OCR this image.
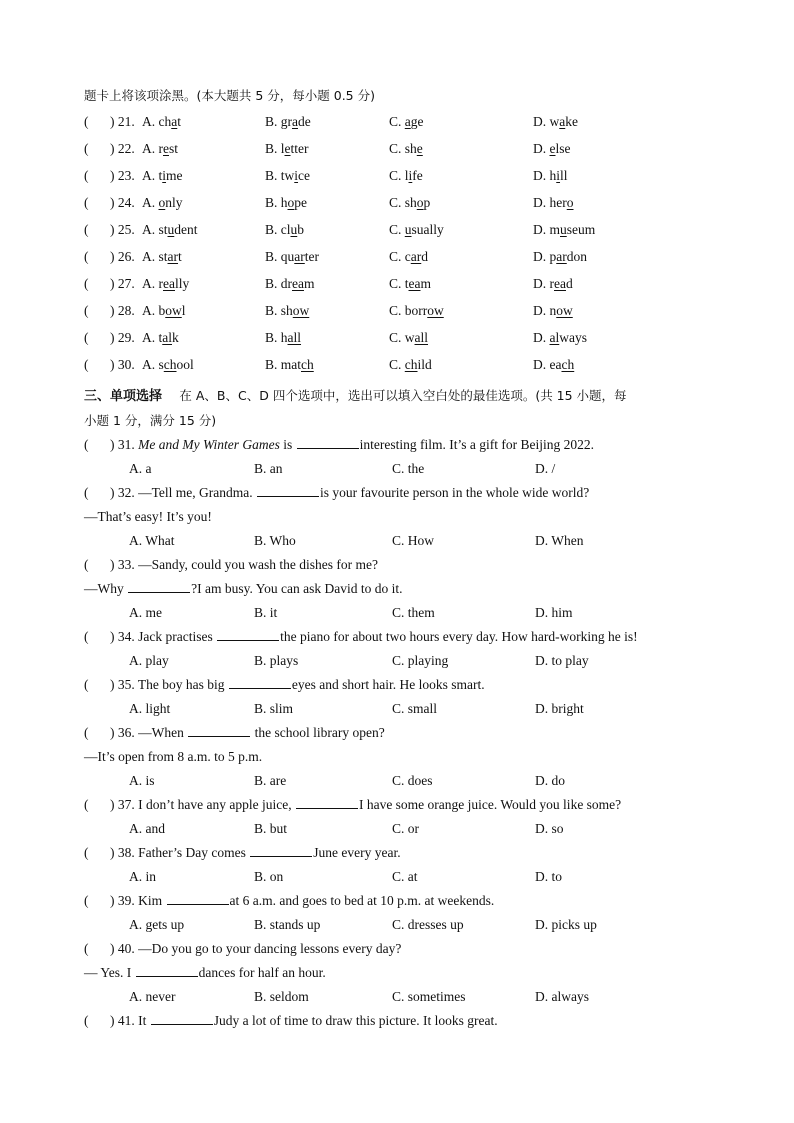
题卡上将该项涂黑。(本大题共 5 分，每小题 0.5 分)
( ) 21. A. chat	B. grade	C. age	D. wake
( ) 22. A. rest	B. letter	C. she	D. else
( ) 23. A. time	B. twice	C. life	D. hill
( ) 24. A. only	B. hope	C. shop	D. hero
( ) 25. A. student	B. club	C. usually	D. museum
( ) 26. A. start	B. quarter	C. card	D. pardon
( ) 27. A. really	B. dream	C. team	D. read
( ) 28. A. bowl	B. show	C. borrow	D. now
( ) 29. A. talk	B. hall	C. wall	D. always
( ) 30. A. school	B. match	C. child	D. each
三、单项选择 在 A、B、C、D 四个选项中，选出可以填入空白处的最佳选项。(共 15 小题，每
小题 1 分，满分 15 分)
( ) 31. Me and My Winter Games is	interesting film. It’s a gift for Beijing 2022.
A. a	B. an	C. the	D. /
( ) 32. —Tell me, Grandma.	is your favourite person in the whole wide world?
—That’s easy! It’s you!
A. What	B. Who	C. How	D. When
( ) 33. —Sandy, could you wash the dishes for me?
—Why	?I am busy. You can ask David to do it.
A. me	B. it	C. them	D. him
( ) 34. Jack practises	the piano for about two hours every day. How hard-working he is!
A. play	B. plays	C. playing	D. to play
( ) 35. The boy has big	eyes and short hair. He looks smart.
A. light	B. slim	C. small	D. bright
( ) 36. —When	the school library open?
—It’s open from 8 a.m. to 5 p.m.
A. is	B. are	C. does	D. do
( ) 37. I don’t have any apple juice,	I have some orange juice. Would you like some?
A. and	B. but	C. or	D. so
( ) 38. Father’s Day comes	June every year.
A. in	B. on	C. at	D. to
( ) 39. Kim	at 6 a.m. and goes to bed at 10 p.m. at weekends.
A. gets up	B. stands up	C. dresses up	D. picks up
( ) 40. —Do you go to your dancing lessons every day?
— Yes. I	dances for half an hour.
A. never	B. seldom	C. sometimes	D. always
( ) 41. It	Judy a lot of time to draw this picture. It looks great.
